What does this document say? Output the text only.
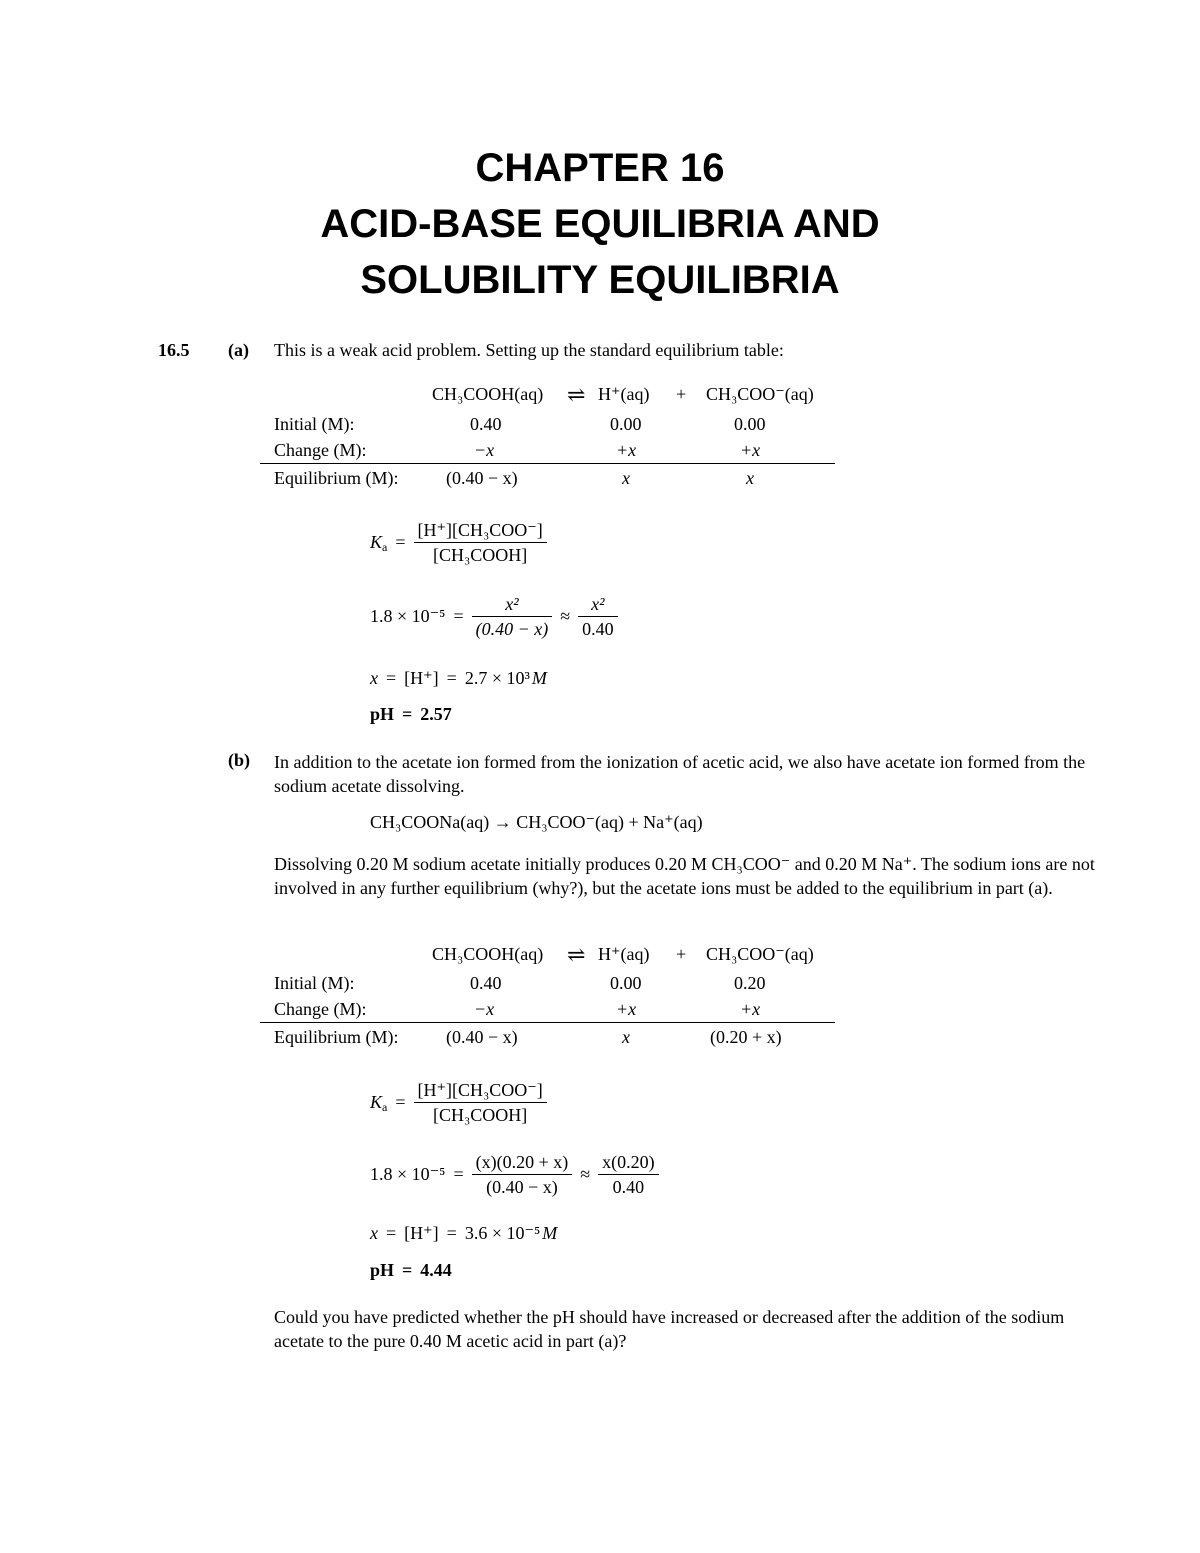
CHAPTER 16
ACID-BASE EQUILIBRIA AND
SOLUBILITY EQUILIBRIA
16.5 (a) This is a weak acid problem. Setting up the standard equilibrium table:
CH₃COOH(aq) ⇌ H⁺(aq) + CH₃COO⁻(aq)
Initial (M):	0.40	0.00	0.00
Change (M):	−x	+x	+x
Equilibrium (M):	(0.40 − x)	x	x
$K_a = \frac{\text{[H⁺][CH₃COO⁻]}}{\text{[CH₃COOH]}}$
$1.8 \times 10^{-5} = \frac{\text{x²}}{(0.40 - x)} \approx \frac{\text{x²}}{0.40}$
x = [H⁺] = 2.7 × 10³ M
pH = 2.57
(b) In addition to the acetate ion formed from the ionization of acetic acid, we also have acetate ion formed from the sodium acetate dissolving.
CH₃COONa(aq) → CH₃COO⁻(aq) + Na⁺(aq)
Dissolving 0.20 M sodium acetate initially produces 0.20 M CH₃COO⁻ and 0.20 M Na⁺. The sodium ions are not involved in any further equilibrium (why?), but the acetate ions must be added to the equilibrium in part (a).
CH₃COOH(aq) ⇌ H⁺(aq) + CH₃COO⁻(aq)
Initial (M):	0.40	0.00	0.20
Change (M):	−x	+x	+x
Equilibrium (M):	(0.40 − x)	x	(0.20 + x)
$K_a = \frac{\text{[H⁺][CH₃COO⁻]}}{\text{[CH₃COOH]}}$
$1.8 \times 10^{-5} = \frac{(x)(0.20 + x)}{(0.40 - x)} \approx \frac{x(0.20)}{0.40}$
x = [H⁺] = 3.6 × 10⁻⁵ M
pH = 4.44
Could you have predicted whether the pH should have increased or decreased after the addition of the sodium acetate to the pure 0.40 M acetic acid in part (a)?
